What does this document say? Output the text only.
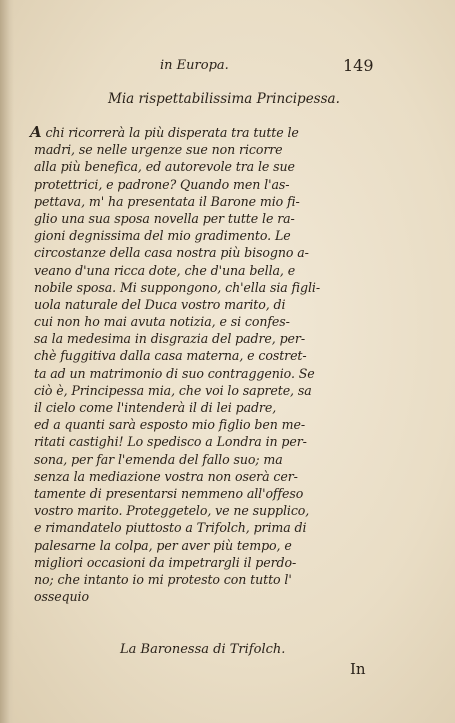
in Europa.	149
Mia rispettabilissima Principessa.
A chi ricorrerà la più disperata tra tutte le
madri, se nelle urgenze sue non ricorre
alla più benefica, ed autorevole tra le sue
protettrici, e padrone? Quando men l'as-
pettava, m' ha presentata il Barone mio fi-
glio una sua sposa novella per tutte le ra-
gioni degnissima del mio gradimento. Le
circostanze della casa nostra più bisogno a-
veano d'una ricca dote, che d'una bella, e
nobile sposa. Mi suppongono, ch'ella sia figli-
uola naturale del Duca vostro marito, di
cui non ho mai avuta notizia, e si confes-
sa la medesima in disgrazia del padre, per-
chè fuggitiva dalla casa materna, e costret-
ta ad un matrimonio di suo contraggenio. Se
ciò è, Principessa mia, che voi lo saprete, sa
il cielo come l'intenderà il di lei padre,
ed a quanti sarà esposto mio figlio ben me-
ritati castighi! Lo spedisco a Londra in per-
sona, per far l'emenda del fallo suo; ma
senza la mediazione vostra non oserà cer-
tamente di presentarsi nemmeno all'offeso
vostro marito. Proteggetelo, ve ne supplico,
e rimandatelo piuttosto a Trifolch, prima di
palesarne la colpa, per aver più tempo, e
migliori occasioni da impetrargli il perdo-
no; che intanto io mi protesto con tutto l'
ossequio
La Baronessa di Trifolch.
In
